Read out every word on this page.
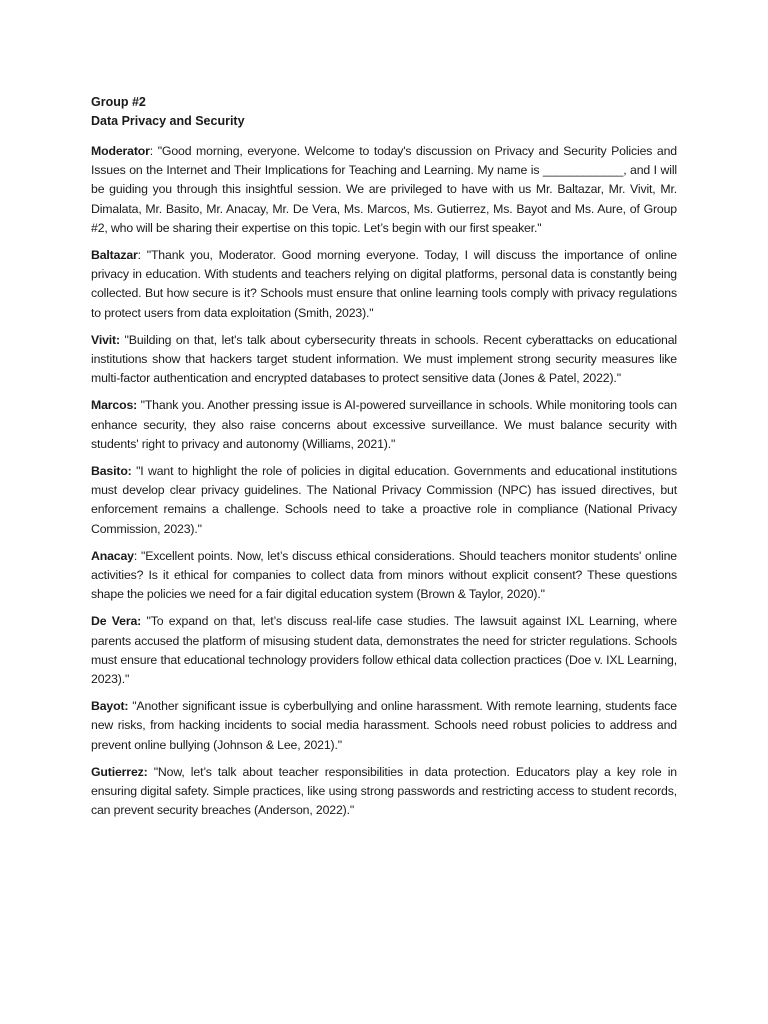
Group #2

Data Privacy and Security

Moderator: "Good morning, everyone. Welcome to today's discussion on Privacy and Security Policies and Issues on the Internet and Their Implications for Teaching and Learning. My name is ____________, and I will be guiding you through this insightful session. We are privileged to have with us Mr. Baltazar, Mr. Vivit, Mr. Dimalata, Mr. Basito, Mr. Anacay, Mr. De Vera, Ms. Marcos, Ms. Gutierrez, Ms. Bayot and Ms. Aure, of Group #2, who will be sharing their expertise on this topic. Let’s begin with our first speaker."

Baltazar: "Thank you, Moderator. Good morning everyone. Today, I will discuss the importance of online privacy in education. With students and teachers relying on digital platforms, personal data is constantly being collected. But how secure is it? Schools must ensure that online learning tools comply with privacy regulations to protect users from data exploitation (Smith, 2023)."

Vivit: "Building on that, let's talk about cybersecurity threats in schools. Recent cyberattacks on educational institutions show that hackers target student information. We must implement strong security measures like multi-factor authentication and encrypted databases to protect sensitive data (Jones & Patel, 2022)."

Marcos: "Thank you. Another pressing issue is AI-powered surveillance in schools. While monitoring tools can enhance security, they also raise concerns about excessive surveillance. We must balance security with students' right to privacy and autonomy (Williams, 2021)."

Basito: "I want to highlight the role of policies in digital education. Governments and educational institutions must develop clear privacy guidelines. The National Privacy Commission (NPC) has issued directives, but enforcement remains a challenge. Schools need to take a proactive role in compliance (National Privacy Commission, 2023)."

Anacay: "Excellent points. Now, let’s discuss ethical considerations. Should teachers monitor students' online activities? Is it ethical for companies to collect data from minors without explicit consent? These questions shape the policies we need for a fair digital education system (Brown & Taylor, 2020)."

De Vera: "To expand on that, let’s discuss real-life case studies. The lawsuit against IXL Learning, where parents accused the platform of misusing student data, demonstrates the need for stricter regulations. Schools must ensure that educational technology providers follow ethical data collection practices (Doe v. IXL Learning, 2023)."

Bayot: "Another significant issue is cyberbullying and online harassment. With remote learning, students face new risks, from hacking incidents to social media harassment. Schools need robust policies to address and prevent online bullying (Johnson & Lee, 2021)."

Gutierrez: "Now, let’s talk about teacher responsibilities in data protection. Educators play a key role in ensuring digital safety. Simple practices, like using strong passwords and restricting access to student records, can prevent security breaches (Anderson, 2022)."
